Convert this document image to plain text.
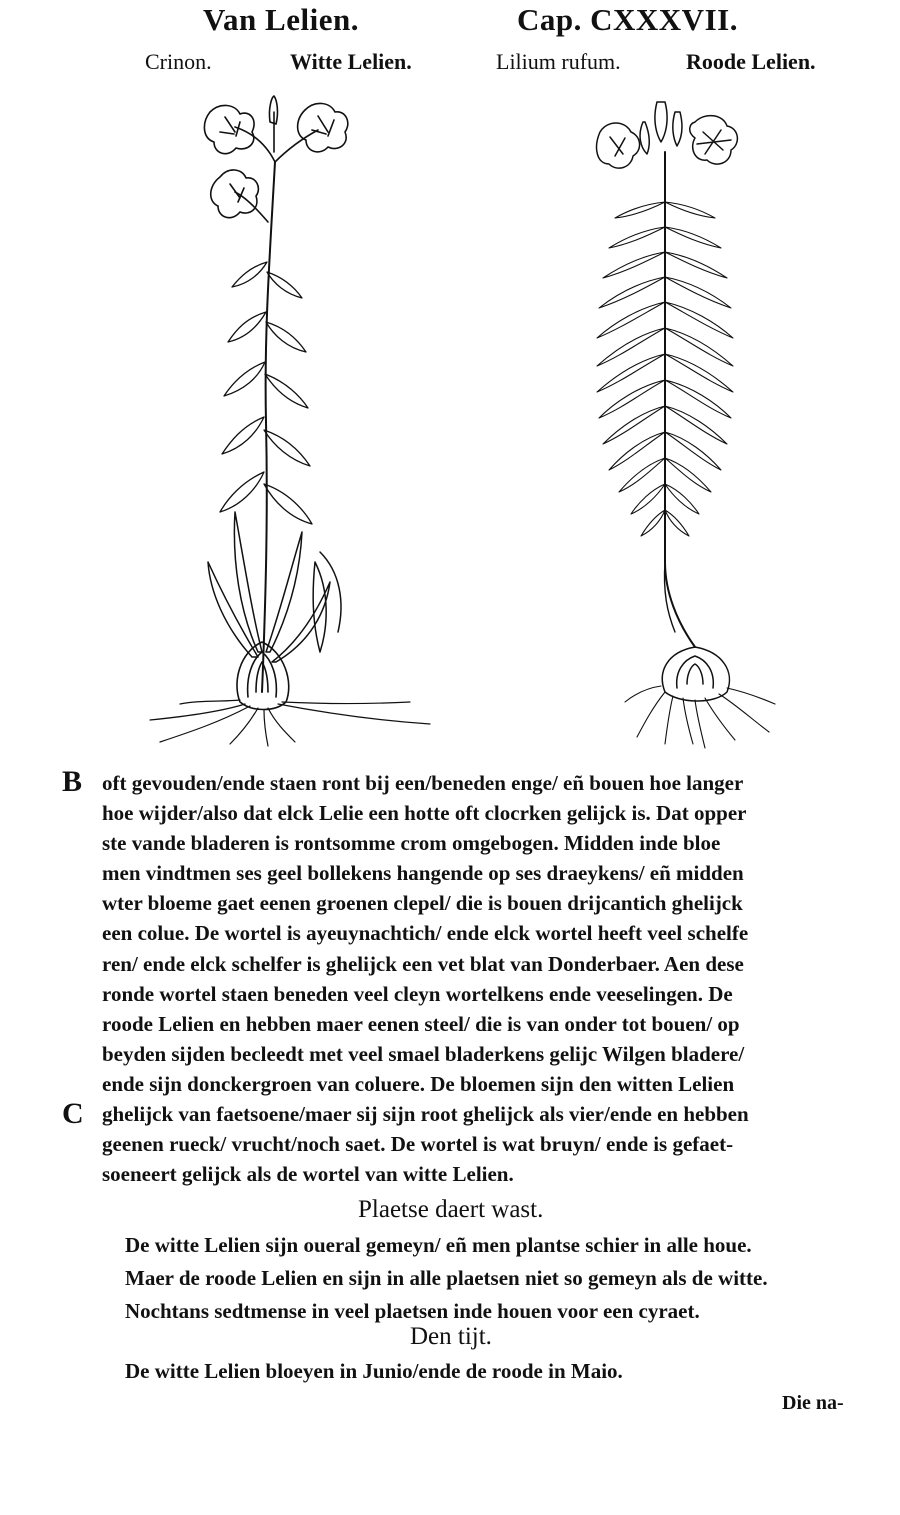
Van Lelien.	Cap. CXXXVII.
Crinon.	Witte Lelien.	Lilium rufum.	Roode Lelien.
B
C
oft gevouden/ende staen ront bij een/beneden enge/ eñ bouen hoe langer
hoe wijder/also dat elck Lelie een hotte oft clocrken gelijck is. Dat opper
ste vande bladeren is rontsomme crom omgebogen. Midden inde bloe
men vindtmen ses geel bollekens hangende op ses draeykens/ eñ midden
wter bloeme gaet eenen groenen clepel/ die is bouen drijcantich ghelijck
een colue. De wortel is ayeuynachtich/ ende elck wortel heeft veel schelfe
ren/ ende elck schelfer is ghelijck een vet blat van Donderbaer. Aen dese
ronde wortel staen beneden veel cleyn wortelkens ende veeselingen. De
roode Lelien en hebben maer eenen steel/ die is van onder tot bouen/ op
beyden sijden becleedt met veel smael bladerkens gelijc Wilgen bladere/
ende sijn donckergroen van coluere. De bloemen sijn den witten Lelien
ghelijck van faetsoene/maer sij sijn root ghelijck als vier/ende en hebben
geenen rueck/ vrucht/noch saet. De wortel is wat bruyn/ ende is gefaet-
soeneert gelijck als de wortel van witte Lelien.
Plaetse daert wast.
De witte Lelien sijn oueral gemeyn/ eñ men plantse schier in alle houe.
Maer de roode Lelien en sijn in alle plaetsen niet so gemeyn als de witte.
Nochtans sedtmense in veel plaetsen inde houen voor een cyraet.
Den tijt.
De witte Lelien bloeyen in Junio/ende de roode in Maio.
Die na-
